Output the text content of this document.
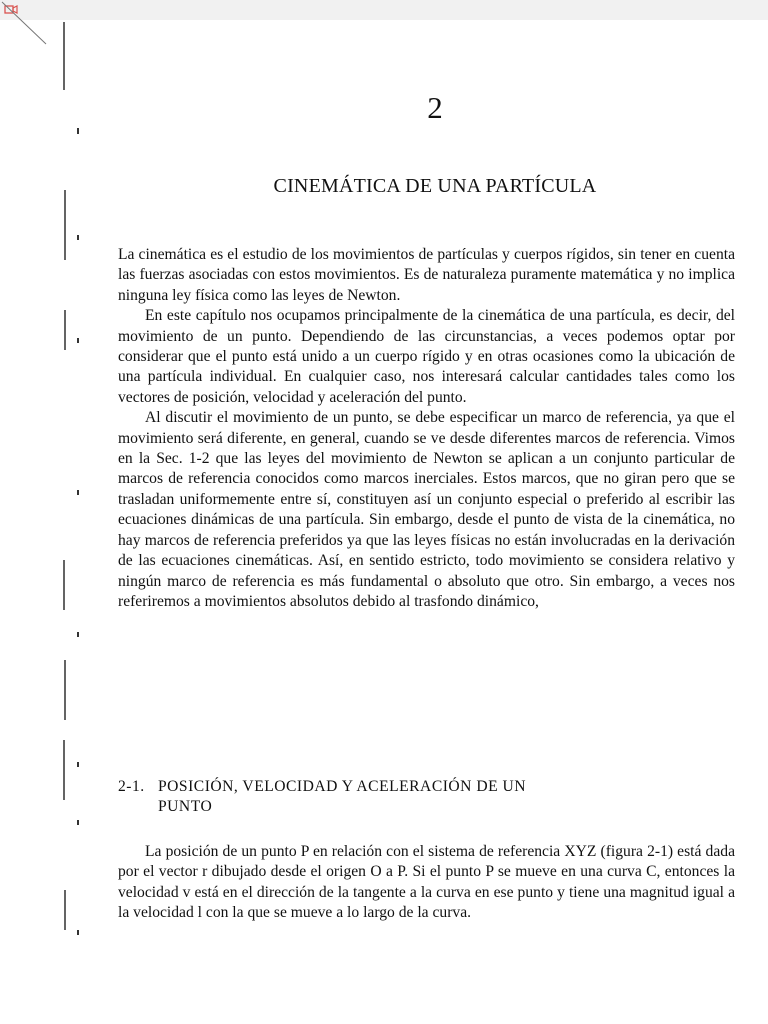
2
CINEMÁTICA DE UNA PARTÍCULA

La cinemática es el estudio de los movimientos de partículas y cuerpos rígidos, sin tener en cuenta las fuerzas asociadas con estos movimientos. Es de naturaleza puramente matemática y no implica ninguna ley física como las leyes de Newton.

En este capítulo nos ocupamos principalmente de la cinemática de una partícula, es decir, del movimiento de un punto. Dependiendo de las circunstancias, a veces podemos optar por considerar que el punto está unido a un cuerpo rígido y en otras ocasiones como la ubicación de una partícula individual. En cualquier caso, nos interesará calcular cantidades tales como los vectores de posición, velocidad y aceleración del punto.

Al discutir el movimiento de un punto, se debe especificar un marco de referencia, ya que el movimiento será diferente, en general, cuando se ve desde diferentes marcos de referencia. Vimos en la Sec. 1-2 que las leyes del movimiento de Newton se aplican a un conjunto particular de marcos de referencia conocidos como marcos inerciales. Estos marcos, que no giran pero que se trasladan uniformemente entre sí, constituyen así un conjunto especial o preferido al escribir las ecuaciones dinámicas de una partícula. Sin embargo, desde el punto de vista de la cinemática, no hay marcos de referencia preferidos ya que las leyes físicas no están involucradas en la derivación de las ecuaciones cinemáticas. Así, en sentido estricto, todo movimiento se considera relativo y ningún marco de referencia es más fundamental o absoluto que otro. Sin embargo, a veces nos referiremos a movimientos absolutos debido al trasfondo dinámico,

2-1. POSICIÓN, VELOCIDAD Y ACELERACIÓN DE UN
PUNTO

La posición de un punto P en relación con el sistema de referencia XYZ (figura 2-1) está dada por el vector r dibujado desde el origen O a P. Si el punto P se mueve en una curva C, entonces la velocidad v está en el dirección de la tangente a la curva en ese punto y tiene una magnitud igual a la velocidad l con la que se mueve a lo largo de la curva.
